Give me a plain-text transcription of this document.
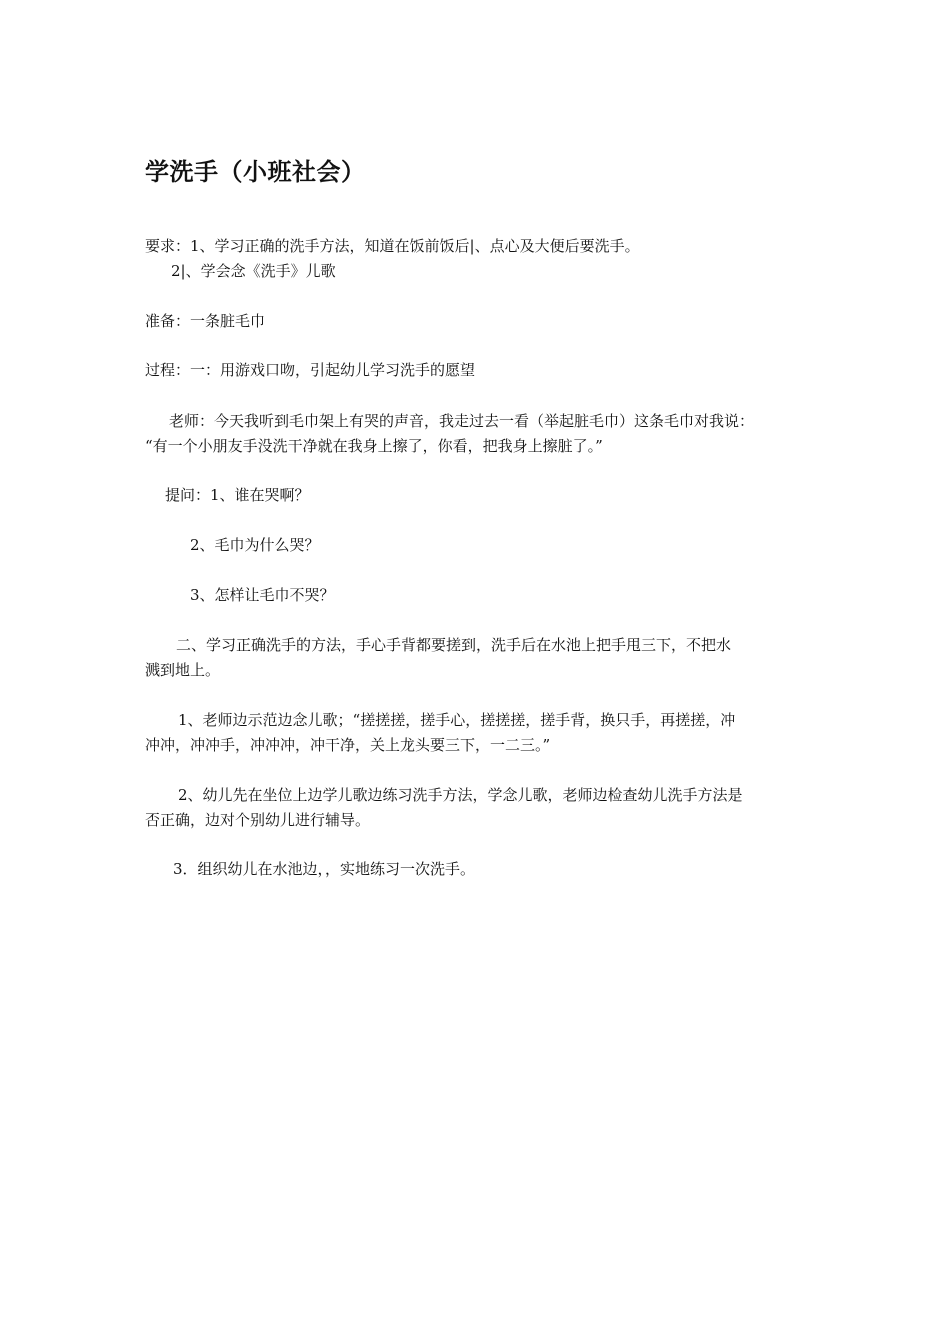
学洗手（小班社会）
要求：1、学习正确的洗手方法，知道在饭前饭后|、点心及大便后要洗手。
2|、学会念《洗手》儿歌
准备：一条脏毛巾
过程：一：用游戏口吻，引起幼儿学习洗手的愿望
老师：今天我听到毛巾架上有哭的声音，我走过去一看（举起脏毛巾）这条毛巾对我说：
“有一个小朋友手没洗干净就在我身上擦了，你看，把我身上擦脏了。”
提问：1、谁在哭啊？
2、毛巾为什么哭？
3、怎样让毛巾不哭？
二、学习正确洗手的方法，手心手背都要搓到，洗手后在水池上把手甩三下，不把水
溅到地上。
1、老师边示范边念儿歌；“搓搓搓，搓手心，搓搓搓，搓手背，换只手，再搓搓，冲
冲冲，冲冲手，冲冲冲，冲干净，关上龙头要三下，一二三。”
2、幼儿先在坐位上边学儿歌边练习洗手方法，学念儿歌，老师边检查幼儿洗手方法是
否正确，边对个别幼儿进行辅导。
3．组织幼儿在水池边，，实地练习一次洗手。
